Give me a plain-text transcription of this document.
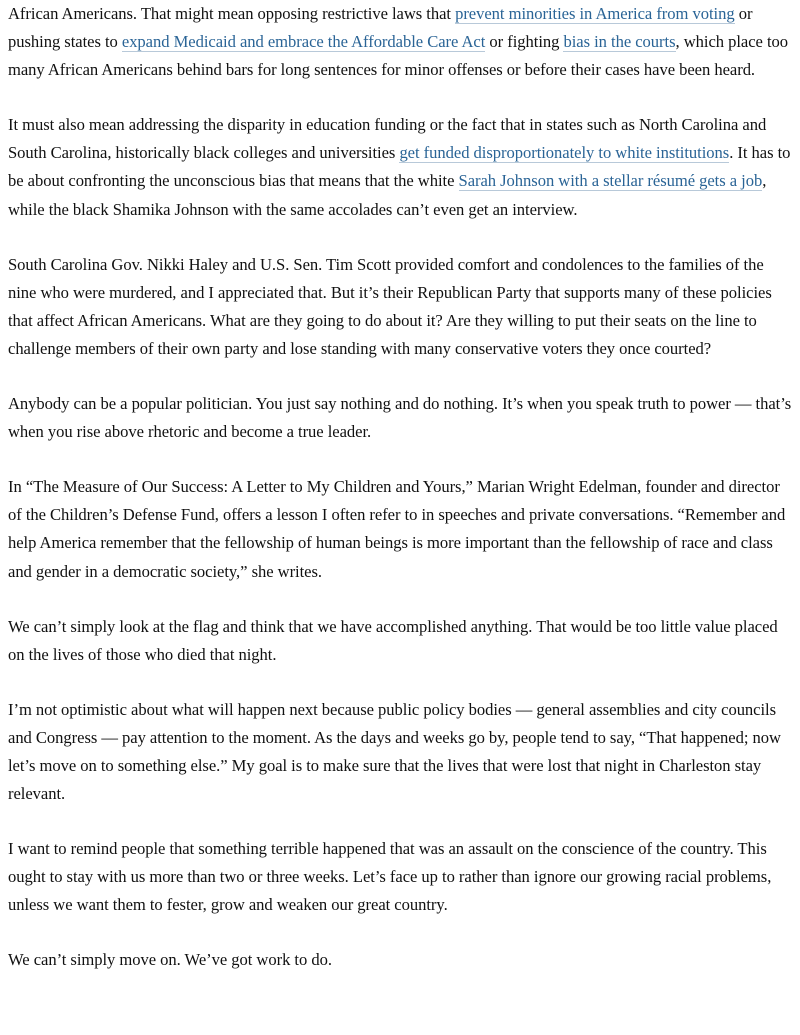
African Americans. That might mean opposing restrictive laws that prevent minorities in America from voting or pushing states to expand Medicaid and embrace the Affordable Care Act or fighting bias in the courts, which place too many African Americans behind bars for long sentences for minor offenses or before their cases have been heard.

It must also mean addressing the disparity in education funding or the fact that in states such as North Carolina and South Carolina, historically black colleges and universities get funded disproportionately to white institutions. It has to be about confronting the unconscious bias that means that the white Sarah Johnson with a stellar résumé gets a job, while the black Shamika Johnson with the same accolades can’t even get an interview.

South Carolina Gov. Nikki Haley and U.S. Sen. Tim Scott provided comfort and condolences to the families of the nine who were murdered, and I appreciated that. But it’s their Republican Party that supports many of these policies that affect African Americans. What are they going to do about it? Are they willing to put their seats on the line to challenge members of their own party and lose standing with many conservative voters they once courted?

Anybody can be a popular politician. You just say nothing and do nothing. It’s when you speak truth to power — that’s when you rise above rhetoric and become a true leader.

In “The Measure of Our Success: A Letter to My Children and Yours,” Marian Wright Edelman, founder and director of the Children’s Defense Fund, offers a lesson I often refer to in speeches and private conversations. “Remember and help America remember that the fellowship of human beings is more important than the fellowship of race and class and gender in a democratic society,” she writes.

We can’t simply look at the flag and think that we have accomplished anything. That would be too little value placed on the lives of those who died that night.

I’m not optimistic about what will happen next because public policy bodies — general assemblies and city councils and Congress — pay attention to the moment. As the days and weeks go by, people tend to say, “That happened; now let’s move on to something else.” My goal is to make sure that the lives that were lost that night in Charleston stay relevant.

I want to remind people that something terrible happened that was an assault on the conscience of the country. This ought to stay with us more than two or three weeks. Let’s face up to rather than ignore our growing racial problems, unless we want them to fester, grow and weaken our great country.

We can’t simply move on. We’ve got work to do.
